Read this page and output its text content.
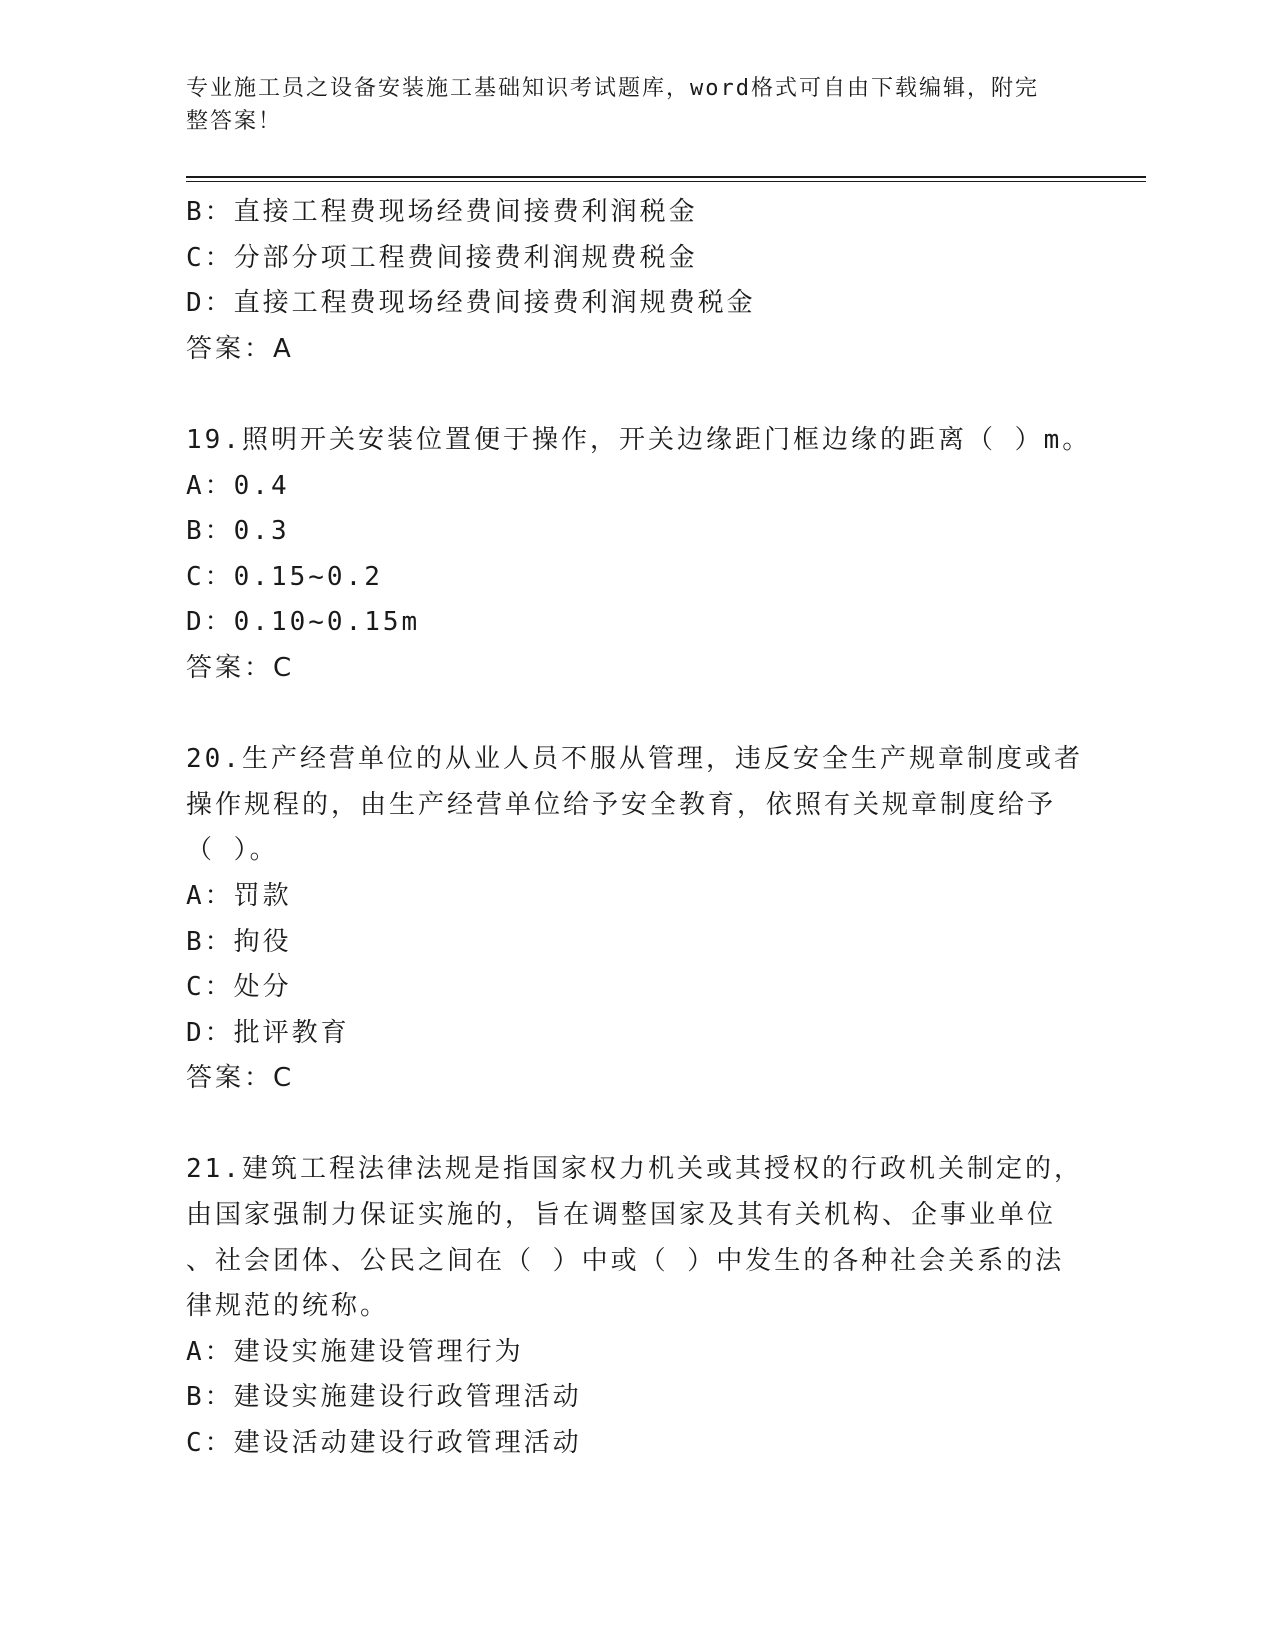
专业施工员之设备安装施工基础知识考试题库，word格式可自由下载编辑，附完
整答案！
B：直接工程费现场经费间接费利润税金
C：分部分项工程费间接费利润规费税金
D：直接工程费现场经费间接费利润规费税金
答案：A
19.照明开关安装位置便于操作，开关边缘距门框边缘的距离（ ）m。
A：0.4
B：0.3
C：0.15~0.2
D：0.10~0.15m
答案：C
20.生产经营单位的从业人员不服从管理，违反安全生产规章制度或者
操作规程的，由生产经营单位给予安全教育，依照有关规章制度给予
（ ）。
A：罚款
B：拘役
C：处分
D：批评教育
答案：C
21.建筑工程法律法规是指国家权力机关或其授权的行政机关制定的，
由国家强制力保证实施的，旨在调整国家及其有关机构、企事业单位
、社会团体、公民之间在（ ）中或（ ）中发生的各种社会关系的法
律规范的统称。
A：建设实施建设管理行为
B：建设实施建设行政管理活动
C：建设活动建设行政管理活动
